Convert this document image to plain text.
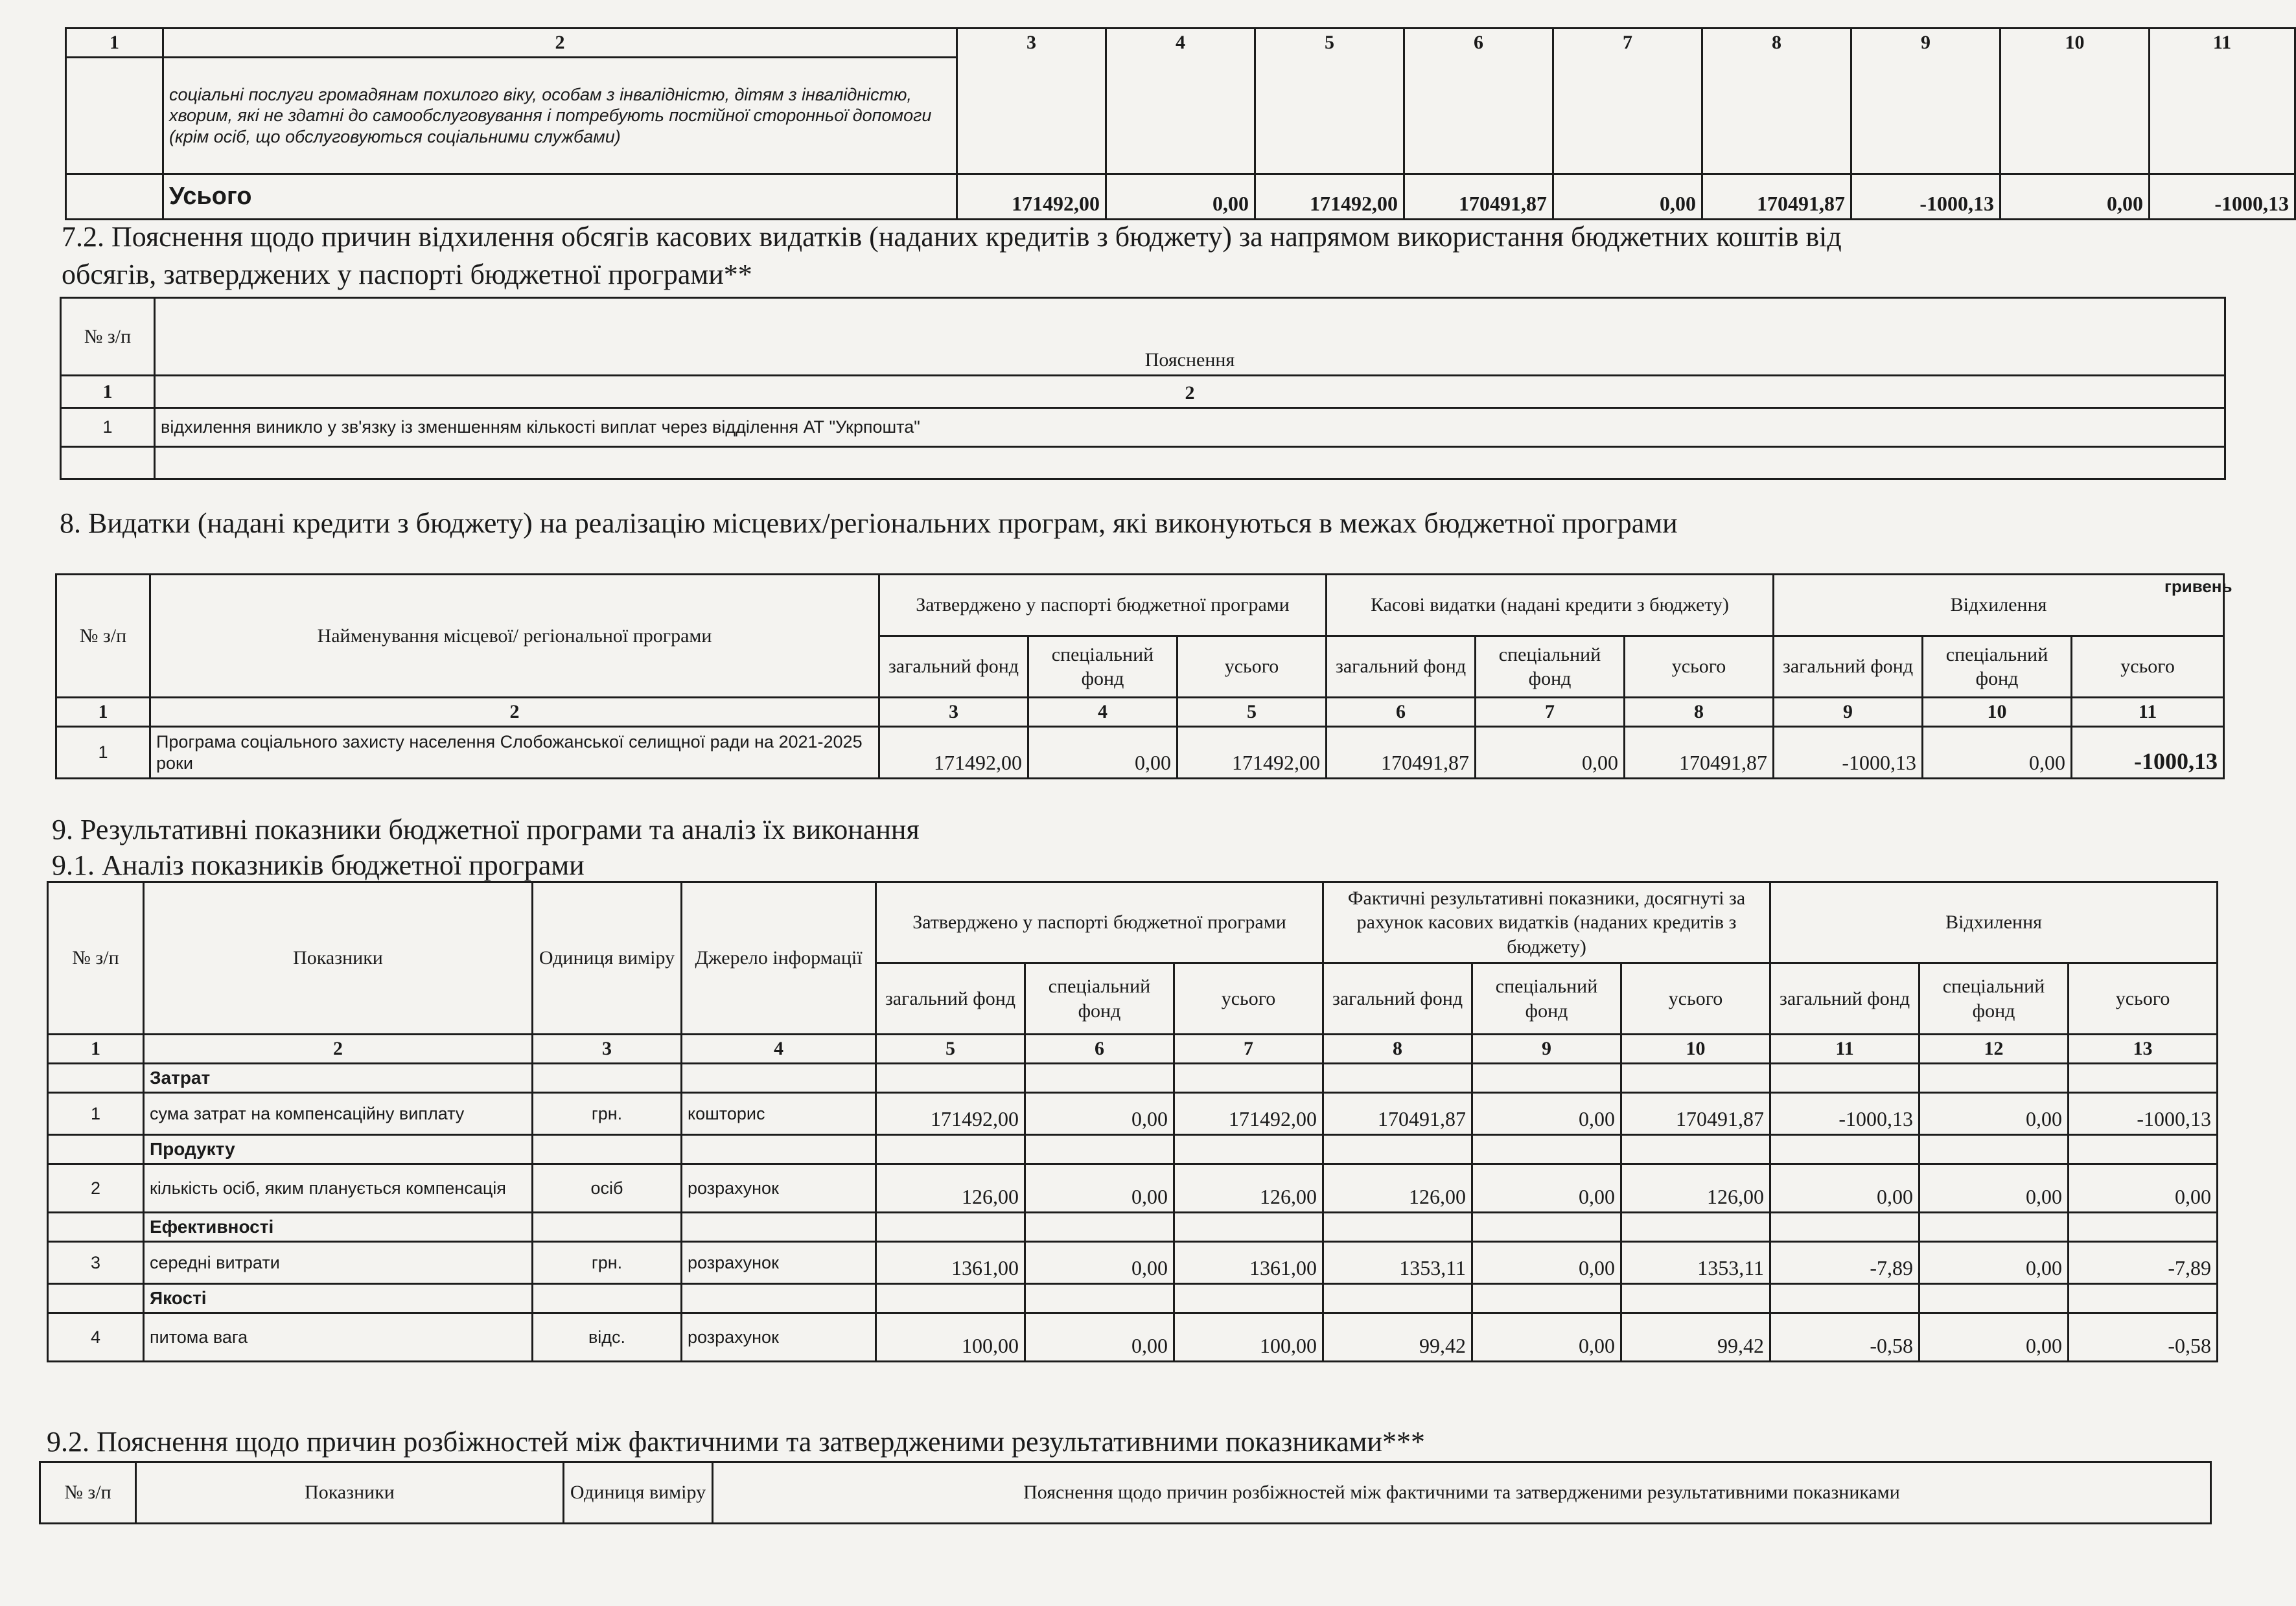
1	2	3	4	5	6	7	8	9	10	11
	соціальні послуги громадянам похилого віку, особам з інвалідністю, дітям з інвалідністю, хворим, які не здатні до самообслуговування і потребують постійної сторонньої допомоги (крім осіб, що обслуговуються соціальними службами)									
	Усього	171492,00	0,00	171492,00	170491,87	0,00	170491,87	-1000,13	0,00	-1000,13
7.2. Пояснення щодо причин відхилення обсягів касових видатків (наданих кредитів з бюджету) за напрямом використання бюджетних коштів від
обсягів, затверджених у паспорті бюджетної програми**
№ з/п	Пояснення
1	2
1	відхилення виникло у зв'язку із зменшенням кількості виплат через відділення АТ "Укрпошта"

8. Видатки (надані кредити з бюджету) на реалізацію місцевих/регіональних програм, які виконуються в межах бюджетної програми
гривень
№ з/п	Найменування місцевої/ регіональної програми	Затверджено у паспорті бюджетної програми			Касові видатки (надані кредити з бюджету)			Відхилення		
		загальний фонд	спеціальний фонд	усього	загальний фонд	спеціальний фонд	усього	загальний фонд	спеціальний фонд	усього
1	2	3	4	5	6	7	8	9	10	11
1	Програма соціального захисту населення Слобожанської селищної ради на 2021-2025 роки	171492,00	0,00	171492,00	170491,87	0,00	170491,87	-1000,13	0,00	-1000,13
9. Результативні показники бюджетної програми та аналіз їх виконання
9.1. Аналіз показників бюджетної програми
№ з/п	Показники	Одиниця виміру	Джерело інформації	Затверджено у паспорті бюджетної програми			Фактичні результативні показники, досягнуті за рахунок касових видатків (наданих кредитів з бюджету)			Відхилення		
				загальний фонд	спеціальний фонд	усього	загальний фонд	спеціальний фонд	усього	загальний фонд	спеціальний фонд	усього
1	2	3	4	5	6	7	8	9	10	11	12	13
	Затрат											
1	сума затрат на компенсаційну виплату	грн.	кошторис	171492,00	0,00	171492,00	170491,87	0,00	170491,87	-1000,13	0,00	-1000,13
	Продукту											
2	кількість осіб, яким планується компенсація	осіб	розрахунок	126,00	0,00	126,00	126,00	0,00	126,00	0,00	0,00	0,00
	Ефективності											
3	середні витрати	грн.	розрахунок	1361,00	0,00	1361,00	1353,11	0,00	1353,11	-7,89	0,00	-7,89
	Якості											
4	питома вага	відс.	розрахунок	100,00	0,00	100,00	99,42	0,00	99,42	-0,58	0,00	-0,58
9.2. Пояснення щодо причин розбіжностей між фактичними та затвердженими результативними показниками***
№ з/п	Показники	Одиниця виміру	Пояснення щодо причин розбіжностей між фактичними та затвердженими результативними показниками
